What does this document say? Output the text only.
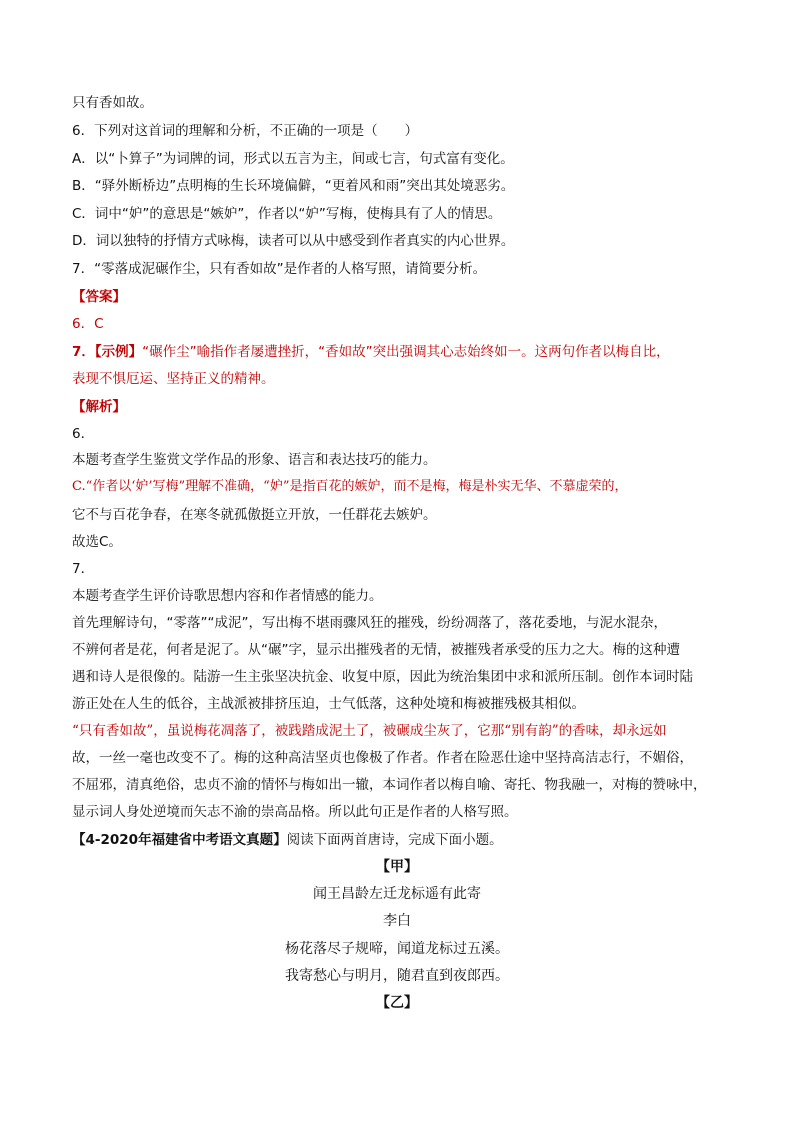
只有香如故。
6．下列对这首词的理解和分析，不正确的一项是（　　）
A．以“卜算子”为词牌的词，形式以五言为主，间或七言，句式富有变化。
B．“驿外断桥边”点明梅的生长环境偏僻，“更着风和雨”突出其处境恶劣。
C．词中“妒”的意思是“嫉妒”，作者以“妒”写梅，使梅具有了人的情思。
D．词以独特的抒情方式咏梅，读者可以从中感受到作者真实的内心世界。
7．“零落成泥碾作尘，只有香如故”是作者的人格写照，请简要分析。
【答案】
6．C
7．【示例】“碾作尘”喻指作者屡遭挫折，“香如故”突出强调其心志始终如一。这两句作者以梅自比，
表现不惧厄运、坚持正义的精神。
【解析】
6．
本题考查学生鉴赏文学作品的形象、语言和表达技巧的能力。
C.“作者以‘妒’写梅”理解不准确，“妒”是指百花的嫉妒，而不是梅，梅是朴实无华、不慕虚荣的，
它不与百花争春，在寒冬就孤傲挺立开放，一任群花去嫉妒。
故选C。
7．
本题考查学生评价诗歌思想内容和作者情感的能力。
首先理解诗句，“零落”“成泥”，写出梅不堪雨骤风狂的摧残，纷纷凋落了，落花委地，与泥水混杂，
不辨何者是花，何者是泥了。从“碾”字，显示出摧残者的无情，被摧残者承受的压力之大。梅的这种遭
遇和诗人是很像的。陆游一生主张坚决抗金、收复中原，因此为统治集团中求和派所压制。创作本词时陆
游正处在人生的低谷，主战派被排挤压迫，士气低落，这种处境和梅被摧残极其相似。
“只有香如故”，虽说梅花凋落了，被践踏成泥土了，被碾成尘灰了，它那“别有韵”的香味，却永远如
故，一丝一毫也改变不了。梅的这种高洁坚贞也像极了作者。作者在险恶仕途中坚持高洁志行，不媚俗，
不屈邪，清真绝俗，忠贞不渝的情怀与梅如出一辙，本词作者以梅自喻、寄托、物我融一，对梅的赞咏中，
显示词人身处逆境而矢志不渝的崇高品格。所以此句正是作者的人格写照。
【4-2020年福建省中考语文真题】阅读下面两首唐诗，完成下面小题。
【甲】
闻王昌龄左迁龙标遥有此寄
李白
杨花落尽子规啼，闻道龙标过五溪。
我寄愁心与明月，随君直到夜郎西。
【乙】
